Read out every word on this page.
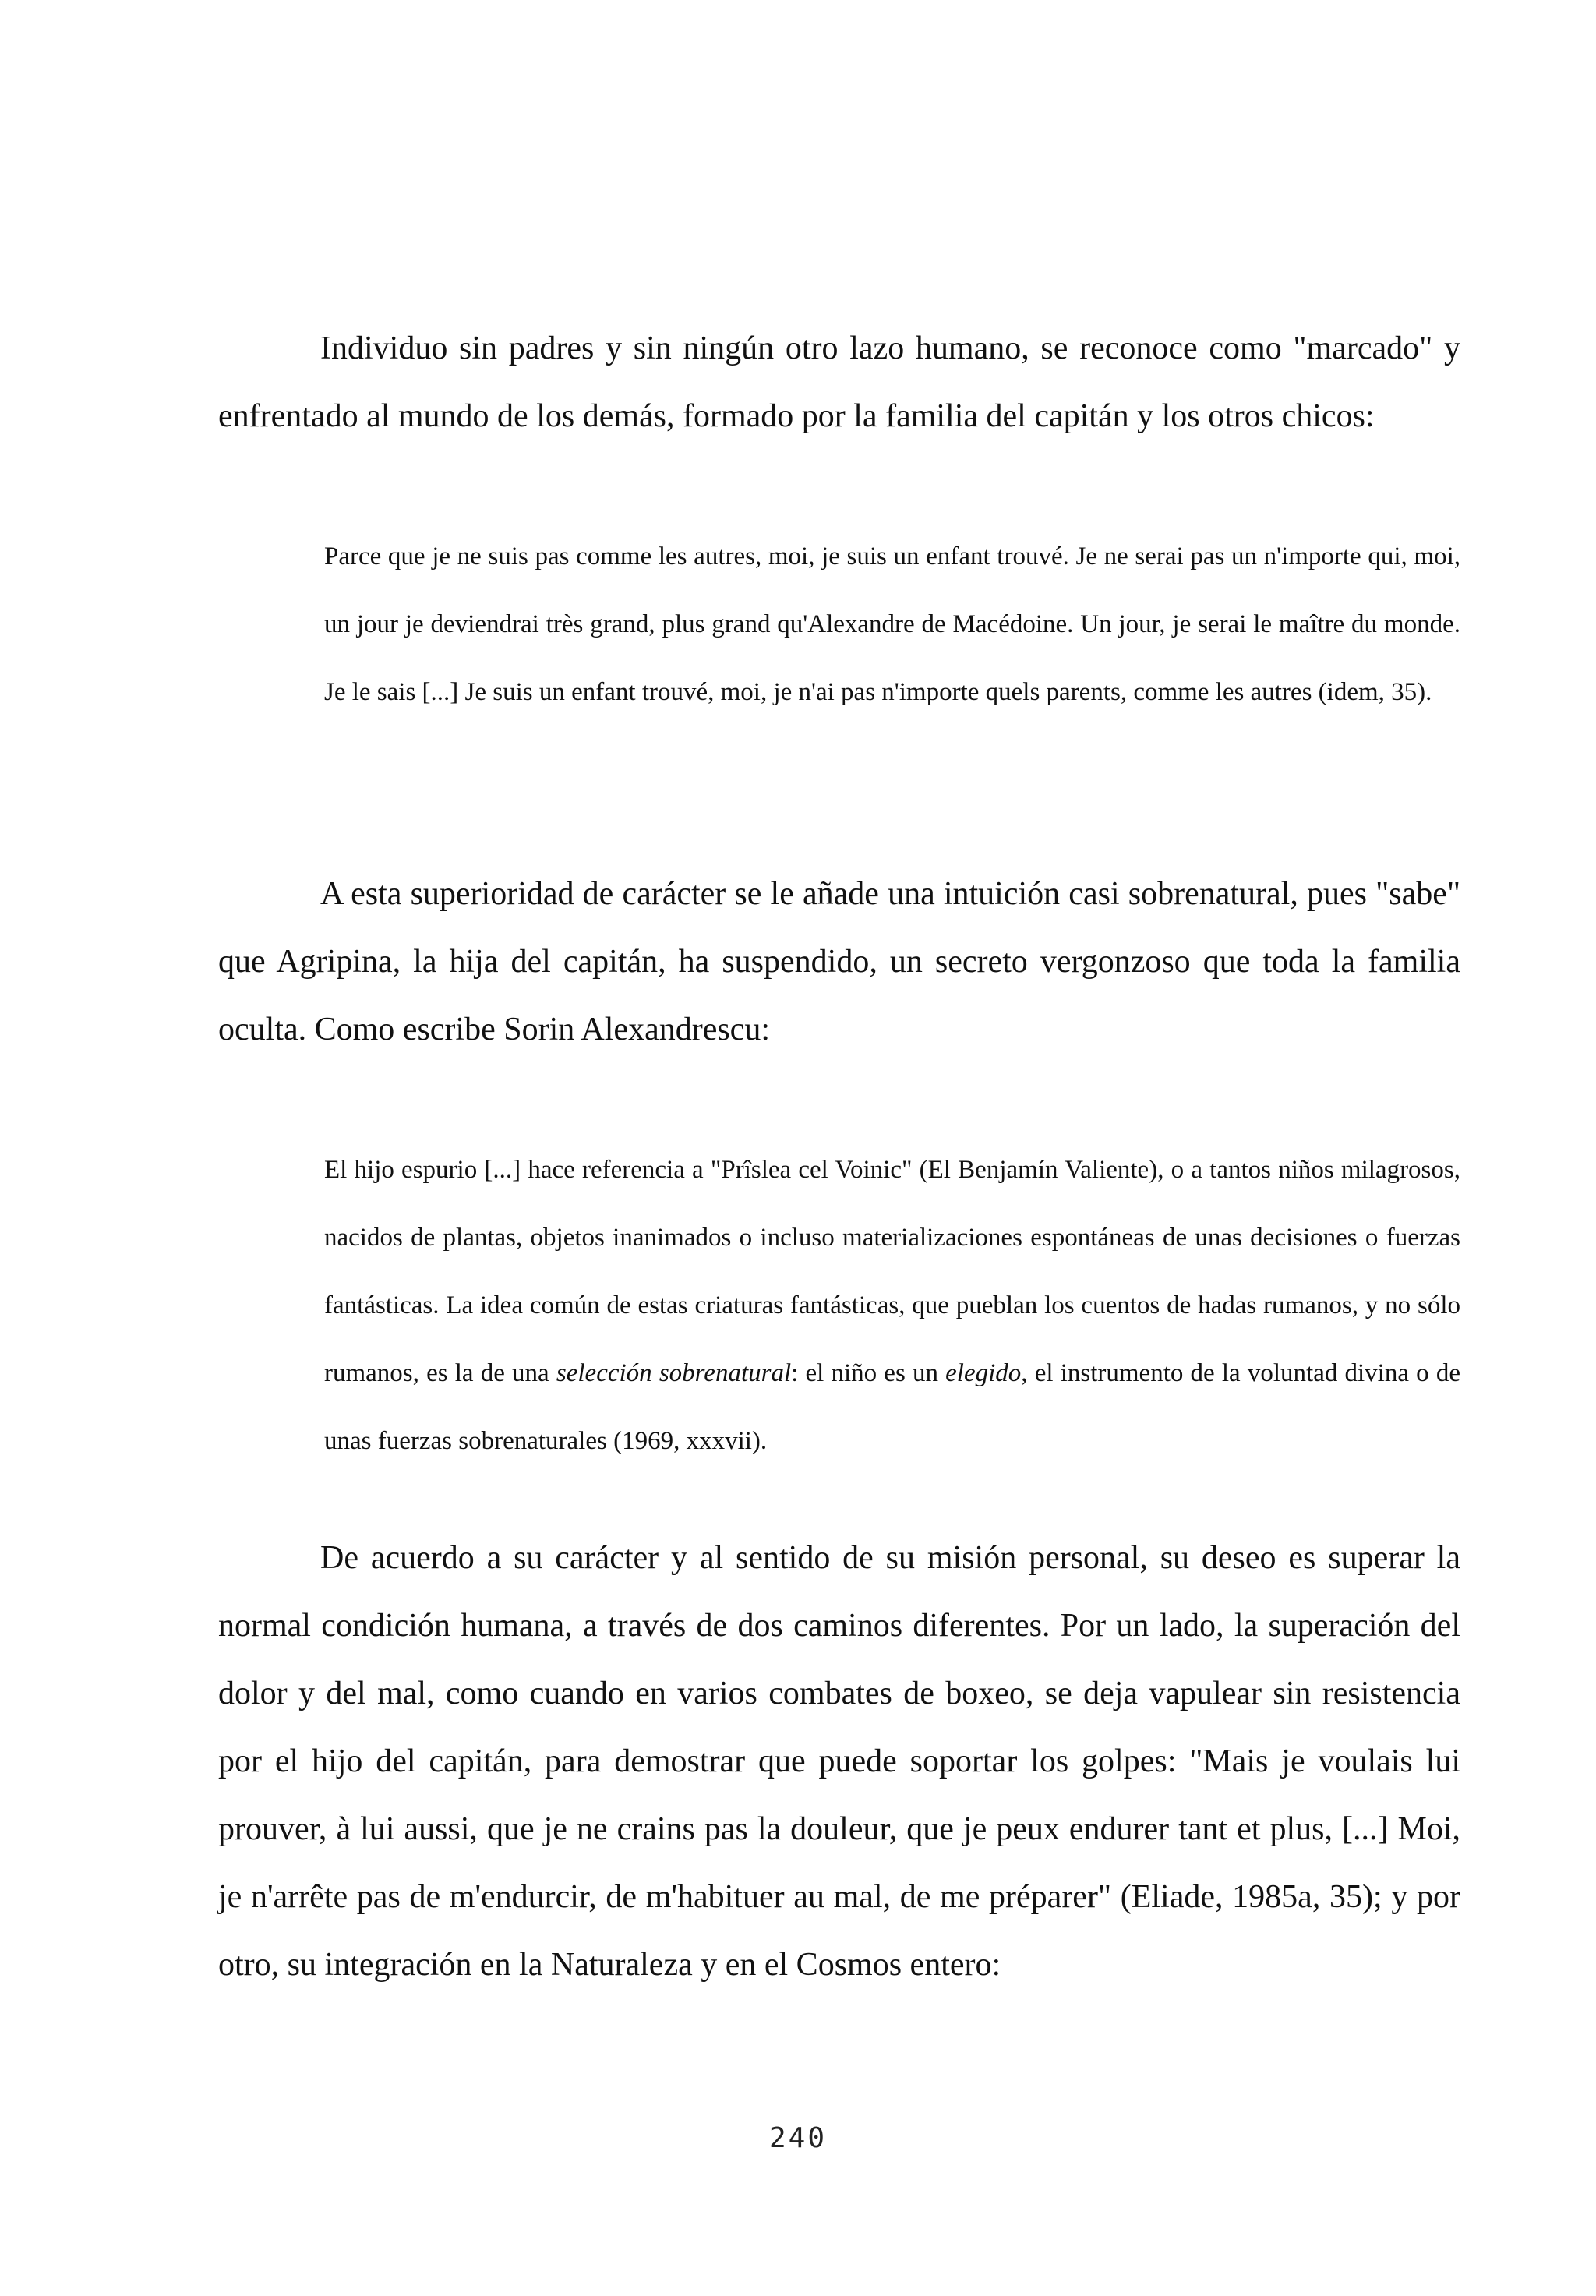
Individuo sin padres y sin ningún otro lazo humano, se reconoce como "marcado" y enfrentado al mundo de los demás, formado por la familia del capitán y los otros chicos:

Parce que je ne suis pas comme les autres, moi, je suis un enfant trouvé. Je ne serai pas un n'importe qui, moi, un jour je deviendrai très grand, plus grand qu'Alexandre de Macédoine. Un jour, je serai le maître du monde. Je le sais [...] Je suis un enfant trouvé, moi, je n'ai pas n'importe quels parents, comme les autres (idem, 35).

A esta superioridad de carácter se le añade una intuición casi sobrenatural, pues "sabe" que Agripina, la hija del capitán, ha suspendido, un secreto vergonzoso que toda la familia oculta. Como escribe Sorin Alexandrescu:

El hijo espurio [...] hace referencia a "Prîslea cel Voinic" (El Benjamín Valiente), o a tantos niños milagrosos, nacidos de plantas, objetos inanimados o incluso materializaciones espontáneas de unas decisiones o fuerzas fantásticas. La idea común de estas criaturas fantásticas, que pueblan los cuentos de hadas rumanos, y no sólo rumanos, es la de una selección sobrenatural: el niño es un elegido, el instrumento de la voluntad divina o de unas fuerzas sobrenaturales (1969, xxxvii).

De acuerdo a su carácter y al sentido de su misión personal, su deseo es superar la normal condición humana, a través de dos caminos diferentes. Por un lado, la superación del dolor y del mal, como cuando en varios combates de boxeo, se deja vapulear sin resistencia por el hijo del capitán, para demostrar que puede soportar los golpes: "Mais je voulais lui prouver, à lui aussi, que je ne crains pas la douleur, que je peux endurer tant et plus, [...] Moi, je n'arrête pas de m'endurcir, de m'habituer au mal, de me préparer" (Eliade, 1985a, 35); y por otro, su integración en la Naturaleza y en el Cosmos entero:

240
